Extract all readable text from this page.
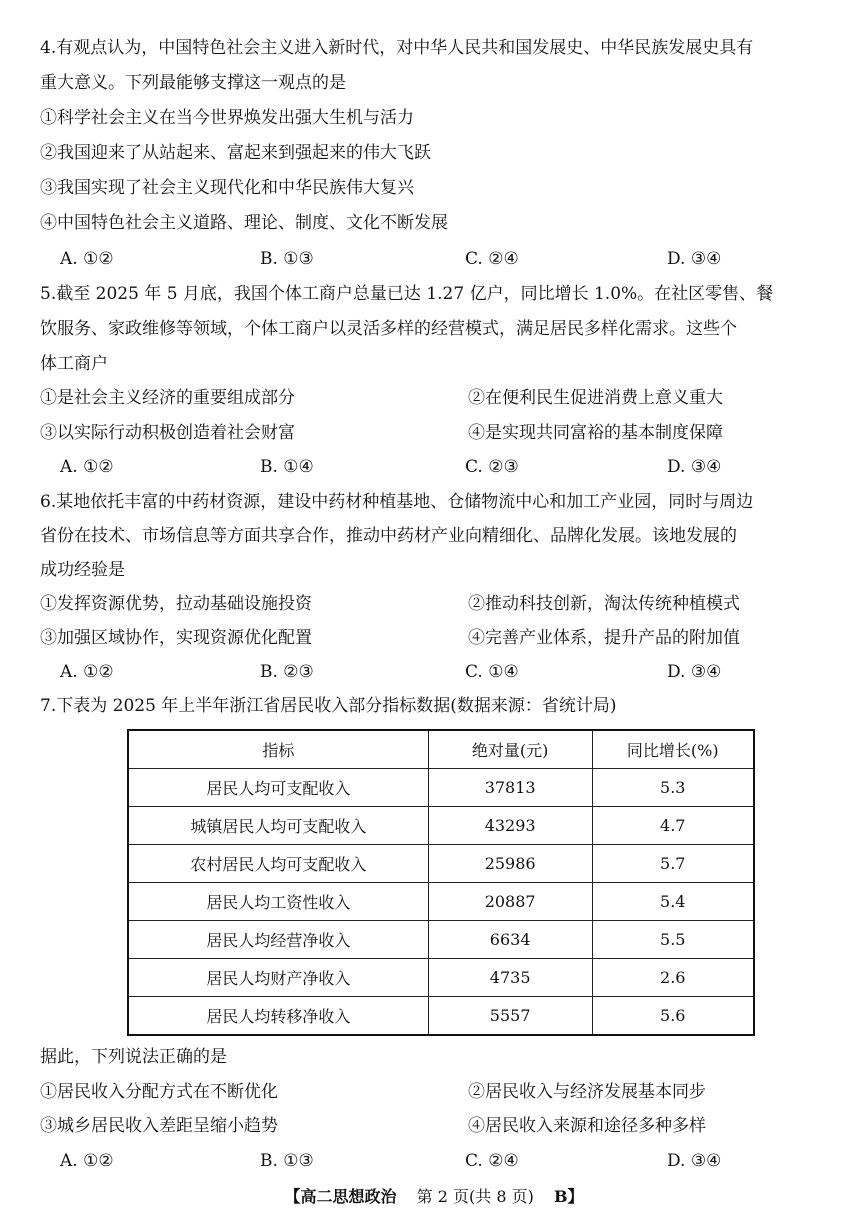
4.有观点认为，中国特色社会主义进入新时代，对中华人民共和国发展史、中华民族发展史具有
重大意义。下列最能够支撑这一观点的是
①科学社会主义在当今世界焕发出强大生机与活力
②我国迎来了从站起来、富起来到强起来的伟大飞跃
③我国实现了社会主义现代化和中华民族伟大复兴
④中国特色社会主义道路、理论、制度、文化不断发展
A. ①②	B. ①③	C. ②④	D. ③④
5.截至 2025 年 5 月底，我国个体工商户总量已达 1.27 亿户，同比增长 1.0%。在社区零售、餐
饮服务、家政维修等领域，个体工商户以灵活多样的经营模式，满足居民多样化需求。这些个
体工商户
①是社会主义经济的重要组成部分	②在便利民生促进消费上意义重大
③以实际行动积极创造着社会财富	④是实现共同富裕的基本制度保障
A. ①②	B. ①④	C. ②③	D. ③④
6.某地依托丰富的中药材资源，建设中药材种植基地、仓储物流中心和加工产业园，同时与周边
省份在技术、市场信息等方面共享合作，推动中药材产业向精细化、品牌化发展。该地发展的
成功经验是
①发挥资源优势，拉动基础设施投资	②推动科技创新，淘汰传统种植模式
③加强区域协作，实现资源优化配置	④完善产业体系，提升产品的附加值
A. ①②	B. ②③	C. ①④	D. ③④
7.下表为 2025 年上半年浙江省居民收入部分指标数据(数据来源：省统计局)
指标	绝对量(元)	同比增长(%)
居民人均可支配收入	37813	5.3
城镇居民人均可支配收入	43293	4.7
农村居民人均可支配收入	25986	5.7
居民人均工资性收入	20887	5.4
居民人均经营净收入	6634	5.5
居民人均财产净收入	4735	2.6
居民人均转移净收入	5557	5.6
据此，下列说法正确的是
①居民收入分配方式在不断优化	②居民收入与经济发展基本同步
③城乡居民收入差距呈缩小趋势	④居民收入来源和途径多种多样
A. ①②	B. ①③	C. ②④	D. ③④
【高二思想政治 第 2 页(共 8 页) B】
